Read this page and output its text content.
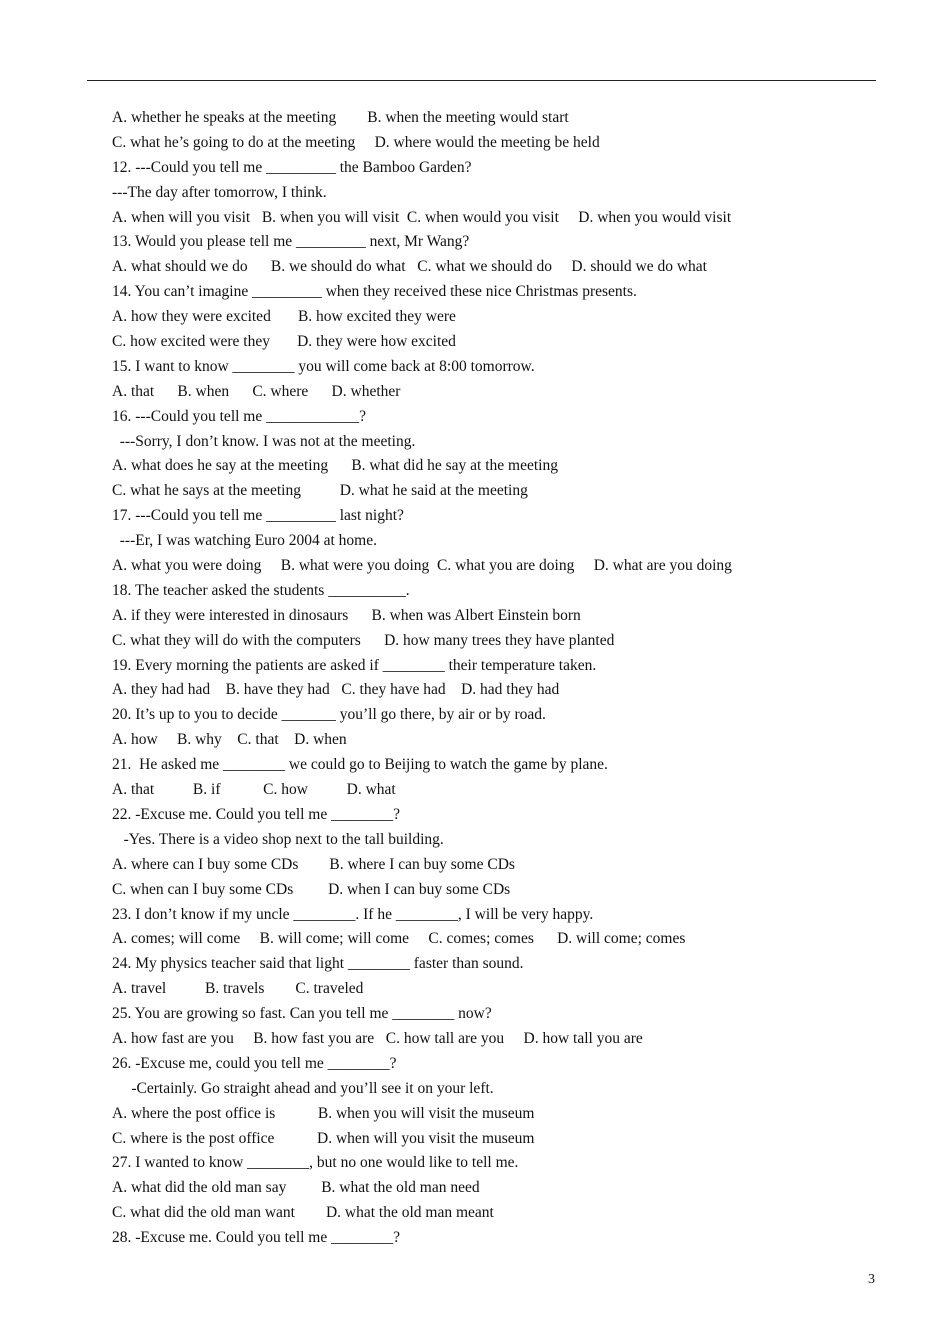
A. whether he speaks at the meeting        B. when the meeting would start
C. what he’s going to do at the meeting     D. where would the meeting be held
12. ---Could you tell me _________ the Bamboo Garden?
---The day after tomorrow, I think.
A. when will you visit   B. when you will visit  C. when would you visit     D. when you would visit
13. Would you please tell me _________ next, Mr Wang?
A. what should we do      B. we should do what   C. what we should do     D. should we do what
14. You can’t imagine _________ when they received these nice Christmas presents.
A. how they were excited       B. how excited they were
C. how excited were they       D. they were how excited
15. I want to know ________ you will come back at 8:00 tomorrow.
A. that      B. when      C. where      D. whether
16. ---Could you tell me ____________?
---Sorry, I don’t know. I was not at the meeting.
A. what does he say at the meeting      B. what did he say at the meeting
C. what he says at the meeting          D. what he said at the meeting
17. ---Could you tell me _________ last night?
---Er, I was watching Euro 2004 at home.
A. what you were doing     B. what were you doing  C. what you are doing     D. what are you doing
18. The teacher asked the students __________.
A. if they were interested in dinosaurs      B. when was Albert Einstein born
C. what they will do with the computers      D. how many trees they have planted
19. Every morning the patients are asked if ________ their temperature taken.
A. they had had    B. have they had   C. they have had    D. had they had
20. It’s up to you to decide _______ you’ll go there, by air or by road.
A. how     B. why    C. that    D. when
21.  He asked me ________ we could go to Beijing to watch the game by plane.
A. that          B. if           C. how          D. what
22. -Excuse me. Could you tell me ________?
-Yes. There is a video shop next to the tall building.
A. where can I buy some CDs        B. where I can buy some CDs
C. when can I buy some CDs         D. when I can buy some CDs
23. I don’t know if my uncle ________. If he ________, I will be very happy.
A. comes; will come     B. will come; will come     C. comes; comes      D. will come; comes
24. My physics teacher said that light ________ faster than sound.
A. travel          B. travels        C. traveled
25. You are growing so fast. Can you tell me ________ now?
A. how fast are you     B. how fast you are   C. how tall are you     D. how tall you are
26. -Excuse me, could you tell me ________?
-Certainly. Go straight ahead and you’ll see it on your left.
A. where the post office is           B. when you will visit the museum
C. where is the post office           D. when will you visit the museum
27. I wanted to know ________, but no one would like to tell me.
A. what did the old man say         B. what the old man need
C. what did the old man want        D. what the old man meant
28. -Excuse me. Could you tell me ________?
3
